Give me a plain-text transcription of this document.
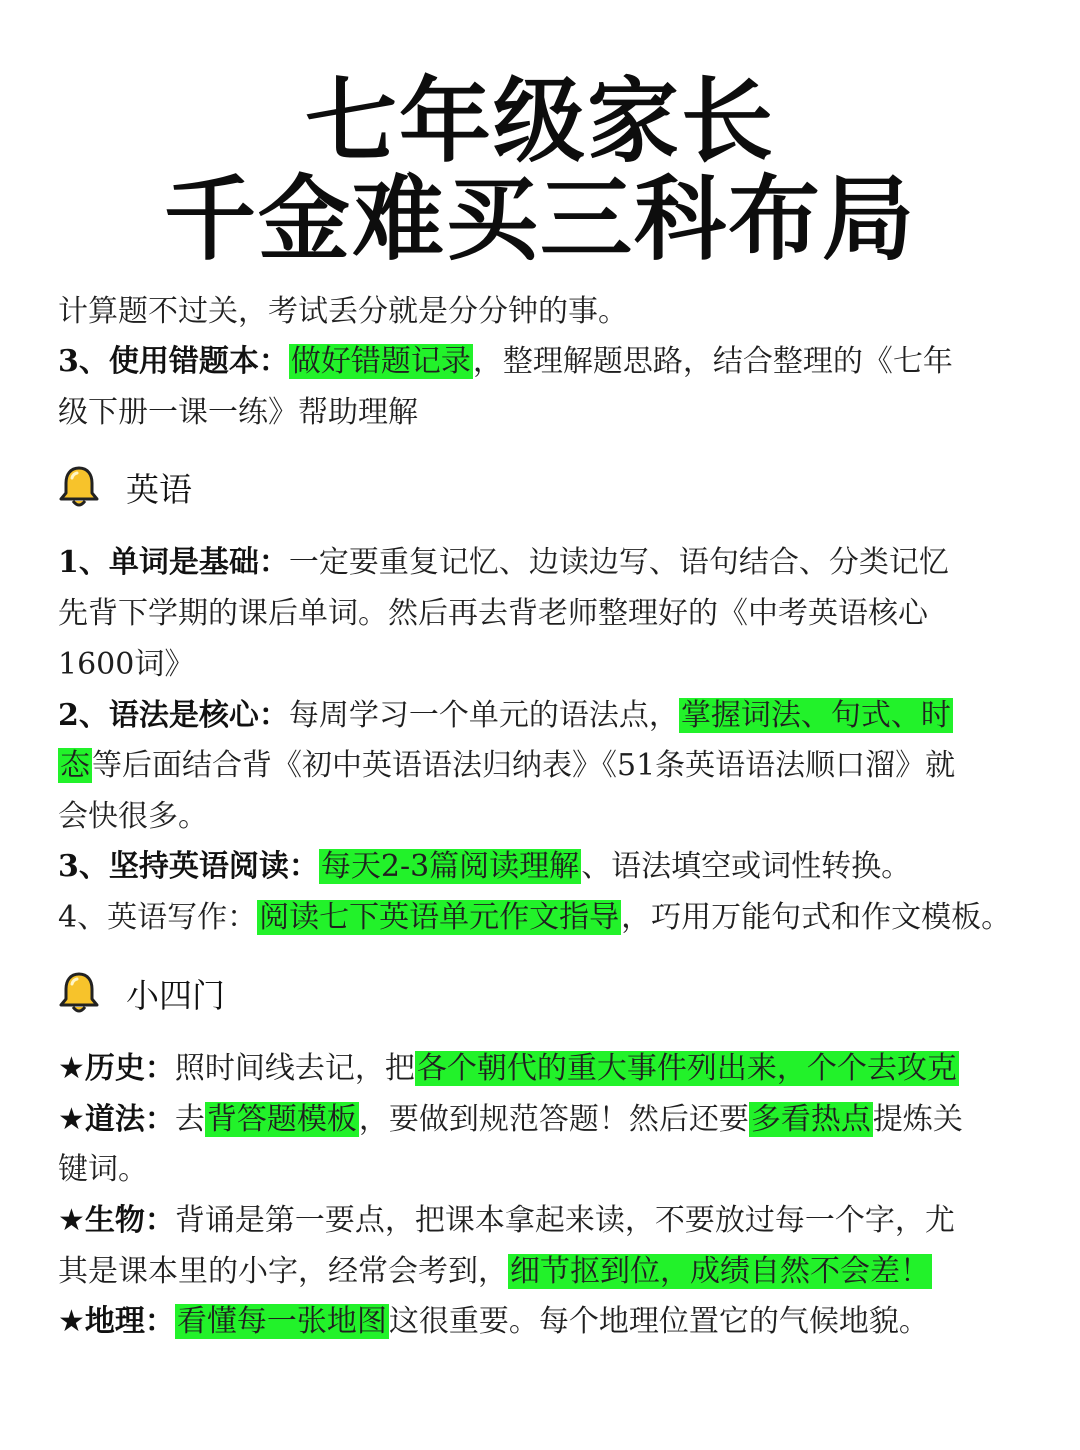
七年级家长
千金难买三科布局
计算题不过关，考试丢分就是分分钟的事。
3、使用错题本：做好错题记录，整理解题思路，结合整理的《七年
级下册一课一练》帮助理解
英语
1、单词是基础：一定要重复记忆、边读边写、语句结合、分类记忆
先背下学期的课后单词。然后再去背老师整理好的《中考英语核心
1600词》
2、语法是核心：每周学习一个单元的语法点，掌握词法、句式、时
态等后面结合背《初中英语语法归纳表》《51条英语语法顺口溜》就
会快很多。
3、坚持英语阅读：每天2-3篇阅读理解、语法填空或词性转换。
4、英语写作：阅读七下英语单元作文指导，巧用万能句式和作文模板。
小四门
★历史：照时间线去记，把各个朝代的重大事件列出来，个个去攻克
★道法：去背答题模板，要做到规范答题！然后还要多看热点提炼关
键词。
★生物：背诵是第一要点，把课本拿起来读，不要放过每一个字，尤
其是课本里的小字，经常会考到，细节抠到位，成绩自然不会差！
★地理：看懂每一张地图这很重要。每个地理位置它的气候地貌。
